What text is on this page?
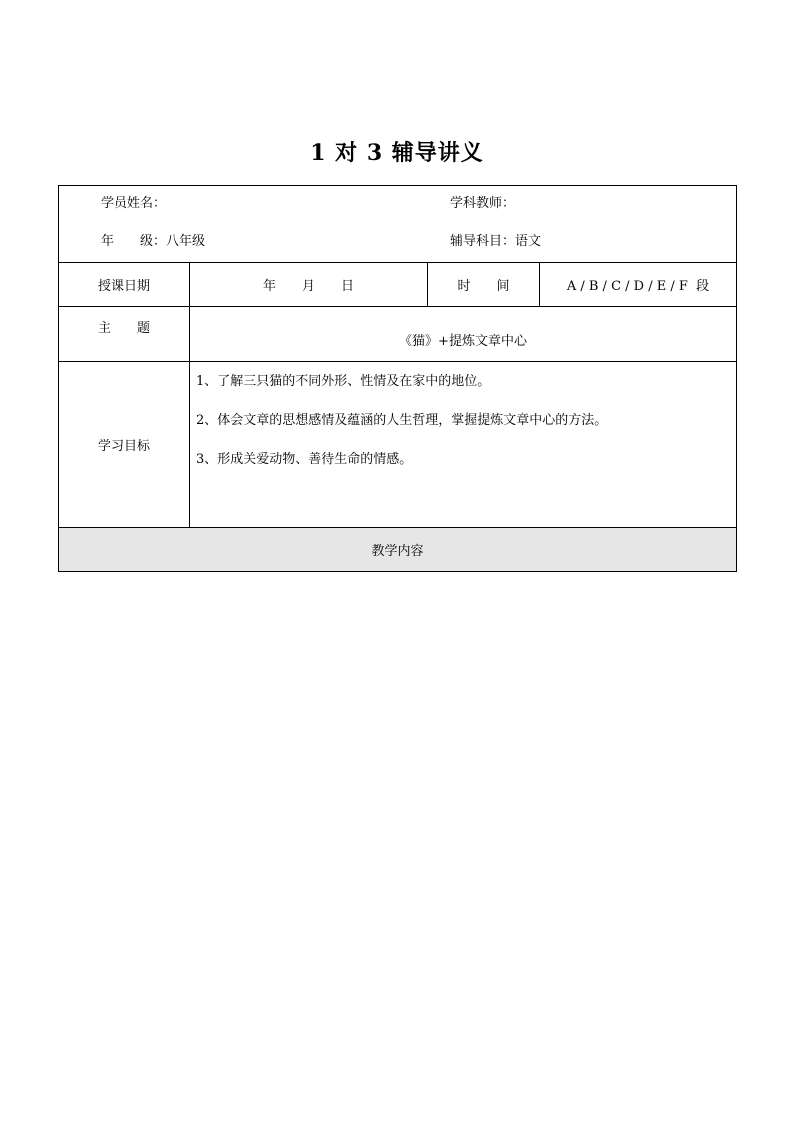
1 对 3 辅导讲义
学员姓名： 学科教师：
年　　级：八年级 辅导科目：语文			

授课日期	年　　月　　日	时　　间	A / B / C / D / E / F  段
主　　题	《猫》+提炼文章中心		
学习目标	1、了解三只猫的不同外形、性情及在家中的地位。
2、体会文章的思想感情及蕴涵的人生哲理，掌握提炼文章中心的方法。
3、形成关爱动物、善待生命的情感。		

教学内容			
